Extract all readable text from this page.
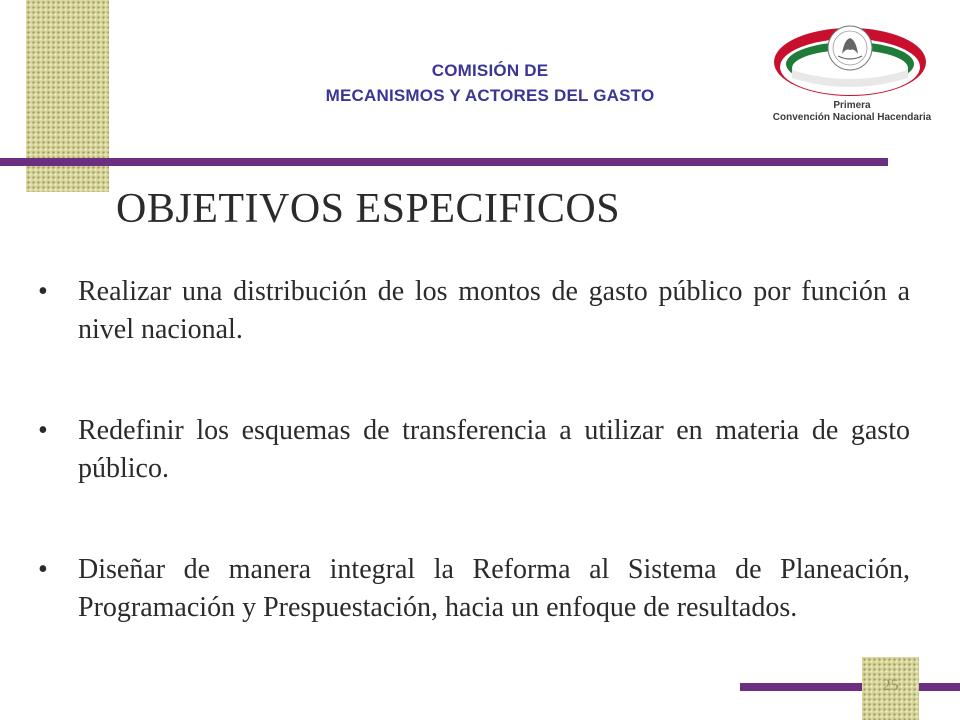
COMISIÓN DE
MECANISMOS Y ACTORES DEL GASTO
Primera
Convención Nacional Hacendaria
OBJETIVOS ESPECIFICOS
• Realizar una distribución de los montos de gasto público por función a nivel nacional.
• Redefinir los esquemas de transferencia a utilizar en materia de gasto público.
• Diseñar de manera integral la Reforma al Sistema de Planeación, Programación y Prespuestación, hacia un enfoque de resultados.
25
